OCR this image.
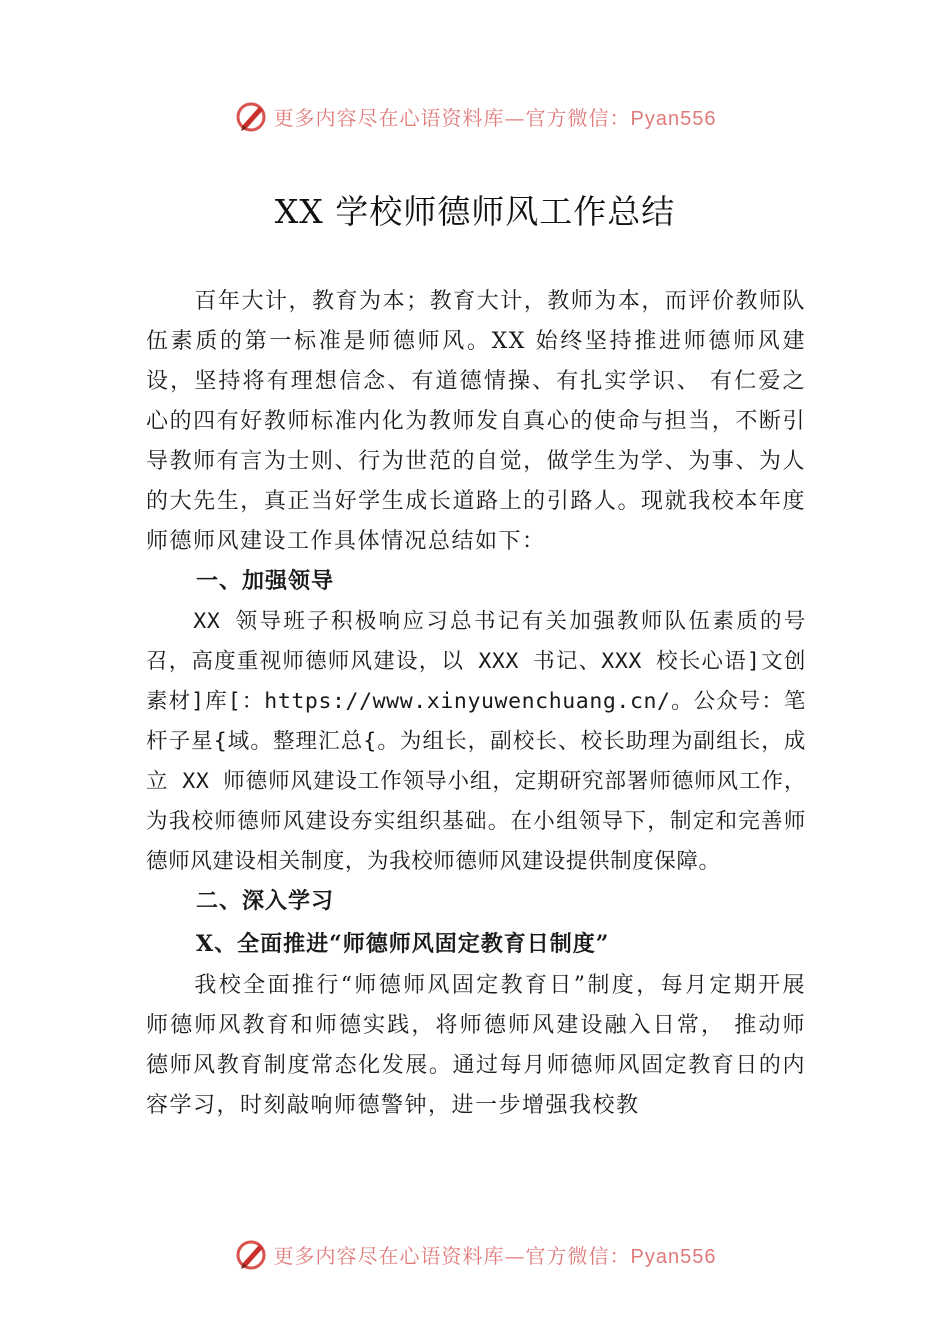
更多内容尽在心语资料库—官方微信：Pyan556
XX 学校师德师风工作总结

百年大计，教育为本；教育大计，教师为本，而评价教师队伍素质的第一标准是师德师风。XX 始终坚持推进师德师风建设，坚持将有理想信念、有道德情操、有扎实学识、 有仁爱之心的四有好教师标准内化为教师发自真心的使命与担当，不断引导教师有言为士则、行为世范的自觉，做学生为学、为事、为人的大先生，真正当好学生成长道路上的引路人。现就我校本年度师德师风建设工作具体情况总结如下：

一、加强领导

XX 领导班子积极响应习总书记有关加强教师队伍素质的号召，高度重视师德师风建设，以 XXX 书记、XXX 校长心语]文创素材]库[：https://www.xinyuwenchuang.cn/。公众号：笔杆子星{域。整理汇总{。为组长，副校长、校长助理为副组长，成立 XX 师德师风建设工作领导小组，定期研究部署师德师风工作，为我校师德师风建设夯实组织基础。在小组领导下，制定和完善师德师风建设相关制度，为我校师德师风建设提供制度保障。

二、深入学习

X、全面推进“师德师风固定教育日制度”

我校全面推行“师德师风固定教育日”制度，每月定期开展师德师风教育和师德实践，将师德师风建设融入日常， 推动师德师风教育制度常态化发展。通过每月师德师风固定教育日的内容学习，时刻敲响师德警钟，进一步增强我校教

更多内容尽在心语资料库—官方微信：Pyan556
